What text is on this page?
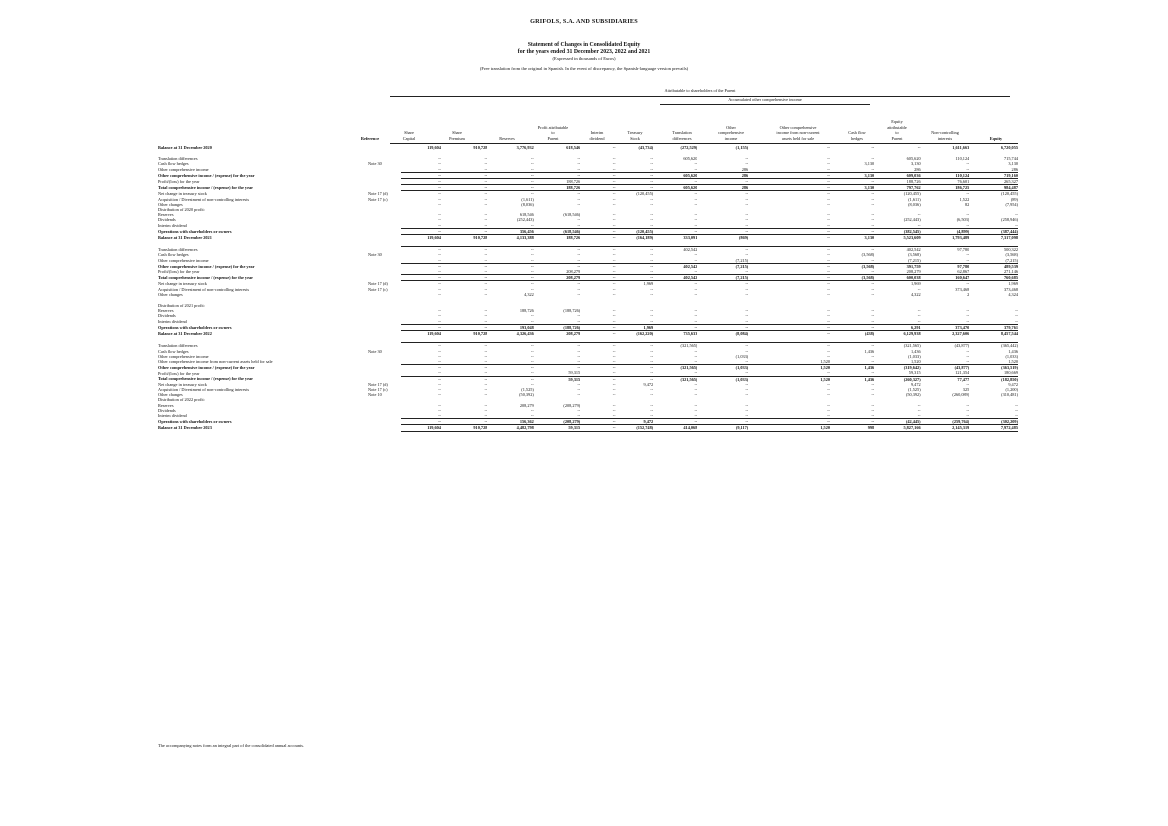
GRIFOLS, S.A. AND SUBSIDIARIES
Statement of Changes in Consolidated Equity
for the years ended 31 December 2023, 2022 and 2021
(Expressed in thousands of Euros)
(Free translation from the original in Spanish. In the event of discrepancy, the Spanish-language version prevails)
Attributable to shareholders of the Parent
Accumulated other comprehensive income
Reference
Share
Capital
Share
Premium	Reserves
Profit attributable
to
Parent
Interim
dividend
Treasury
Stock
Translation
differences
Other
comprehensive
income
Other comprehensive
income from non-current
assets held for sale
Cash flow
hedges
Equity
attributable
to
Parent
Non-controlling
interests	Equity
Balance at 31 December 2020		119,604	910,728	3,776,932	618,546	--	(43,734)	(272,529)	(1,155)	--	--	--	1,611,663	6,720,055

Translation differences		--	--	--	--	--	--	605,620	--	--	--	605,620	110,124	715,744
Cash flow hedges	Note 30	--	--	--	--	--	--	--	--	--	3,130	3,130	--	3,130
Other comprehensive income		--	--	--	--	--	--	--	286	--	--	286	--	286
Other comprehensive income / (expense) for the year		--	--	--	--	--	--	605,620	286	--	3,130	609,036	110,124	719,160
Profit/(loss) for the year		--	--	--	188,726	--	--	--	--	--	--	188,726	76,601	265,327
Total comprehensive income / (expense) for the year		--	--	--	188,726	--	--	605,620	286	--	3,130	797,762	186,725	984,487
Net change in treasury stock	Note 17 (d)	--	--	--	--	--	(120,455)	--	--	--	--	(120,455)	--	(120,455)
Acquisition / Divestment of non-controlling interests	Note 17 (c)	--	--	(1,611)	--	--	--	--	--	--	--	(1,611)	1,522	(89)
Other changes		--	--	(8,036)	--	--	--	--	--	--	--	(8,036)	82	(7,954)
Distribution of 2020 profit:														
Reserves		--	--	618,546	(618,546)	--	--	--	--	--	--	--	--	--
Dividends		--	--	(252,443)	--	--	--	--	--	--	--	(252,443)	(6,503)	(258,946)
Interim dividend		--	--	--	--	--	--	--	--	--	--	--	--	--
Operations with shareholders or owners		--	--	356,456	(618,546)	--	(120,455)	--	--	--	--	(382,545)	(4,899)	(387,444)
Balance at 31 December 2021		119,604	910,728	4,133,388	188,726	--	(164,189)	333,091	(869)	--	3,130	5,523,609	1,793,489	7,317,098

Translation differences		--	--	--	--	--	--	402,542	--	--	--	402,542	97,780	500,322
Cash flow hedges	Note 30	--	--	--	--	--	--	--	--	--	(3,568)	(3,568)	--	(3,568)
Other comprehensive income		--	--	--	--	--	--	--	(7,215)	--	--	(7,215)	--	(7,215)
Other comprehensive income / (expense) for the year		--	--	--	--	--	--	402,542	(7,215)	--	(3,568)	391,759	97,780	489,539
Profit/(loss) for the year		--	--	--	208,279	--	--	--	--	--	--	208,279	62,867	271,146
Total comprehensive income / (expense) for the year		--	--	--	208,279	--	--	402,542	(7,215)	--	(3,568)	600,038	160,647	760,685
Net change in treasury stock	Note 17 (d)	--	--	--	--	--	1,969	--	--	--	--	1,969	--	1,969
Acquisition / Divestment of non-controlling interests	Note 17 (c)	--	--	--	--	--	--	--	--	--	--	--	373,468	373,468
Other changes		--	--	4,322	--	--	--	--	--	--	--	4,322	2	4,324

Distribution of 2021 profit:														
Reserves		--	--	188,726	(188,726)	--	--	--	--	--	--	--	--	--
Dividends		--	--	--	--	--	--	--	--	--	--	--	--	--
Interim dividend		--	--	--	--	--	--	--	--	--	--	--	--	--
Operations with shareholders or owners		--	--	193,048	(188,726)	--	1,969	--	--	--	--	6,291	373,470	379,761
Balance at 31 December 2022		119,604	910,728	4,326,436	208,279	--	(162,220)	735,633	(8,084)	--	(438)	6,129,938	2,327,606	8,457,544

Translation differences		--	--	--	--	--	--	(321,565)	--	--	--	(321,565)	(43,877)	(365,442)
Cash flow hedges	Note 30	--	--	--	--	--	--	--	--	--	1,436	1,436	--	1,436
Other comprehensive income		--	--	--	--	--	--	--	(1,033)	--	--	(1,033)	--	(1,033)
Other comprehensive income from non-current assets held for sale		--	--	--	--	--	--	--	--	1,520	--	1,520	--	1,520
Other comprehensive income / (expense) for the year		--	--	--	--	--	--	(321,565)	(1,033)	1,520	1,436	(319,642)	(43,877)	(363,519)
Profit/(loss) for the year		--	--	--	59,315	--	--	--	--	--	--	59,315	121,354	180,669
Total comprehensive income / (expense) for the year		--	--	--	59,315	--	--	(321,565)	(1,033)	1,520	1,436	(260,327)	77,477	(182,850)
Net change in treasury stock	Note 17 (d)	--	--	--	--	--	9,472	--	--	--	--	9,472	--	9,472
Acquisition / Divestment of non-controlling interests	Note 17 (c)	--	--	(1,525)	--	--	--	--	--	--	--	(1,525)	325	(1,200)
Other changes	Note 10	--	--	(50,392)	--	--	--	--	--	--	--	(50,392)	(260,089)	(310,481)
Distribution of 2022 profit:														
Reserves		--	--	208,279	(208,279)	--	--	--	--	--	--	--	--	--
Dividends		--	--	--	--	--	--	--	--	--	--	--	--	--
Interim dividend		--	--	--	--	--	--	--	--	--	--	--	--	--
Operations with shareholders or owners		--	--	156,362	(208,279)	--	9,472	--	--	--	--	(42,445)	(259,764)	(302,209)
Balance at 31 December 2023		119,604	910,728	4,482,798	59,315	--	(152,748)	414,068	(9,117)	1,520	998	5,827,166	2,145,319	7,972,485
The accompanying notes form an integral part of the consolidated annual accounts.
